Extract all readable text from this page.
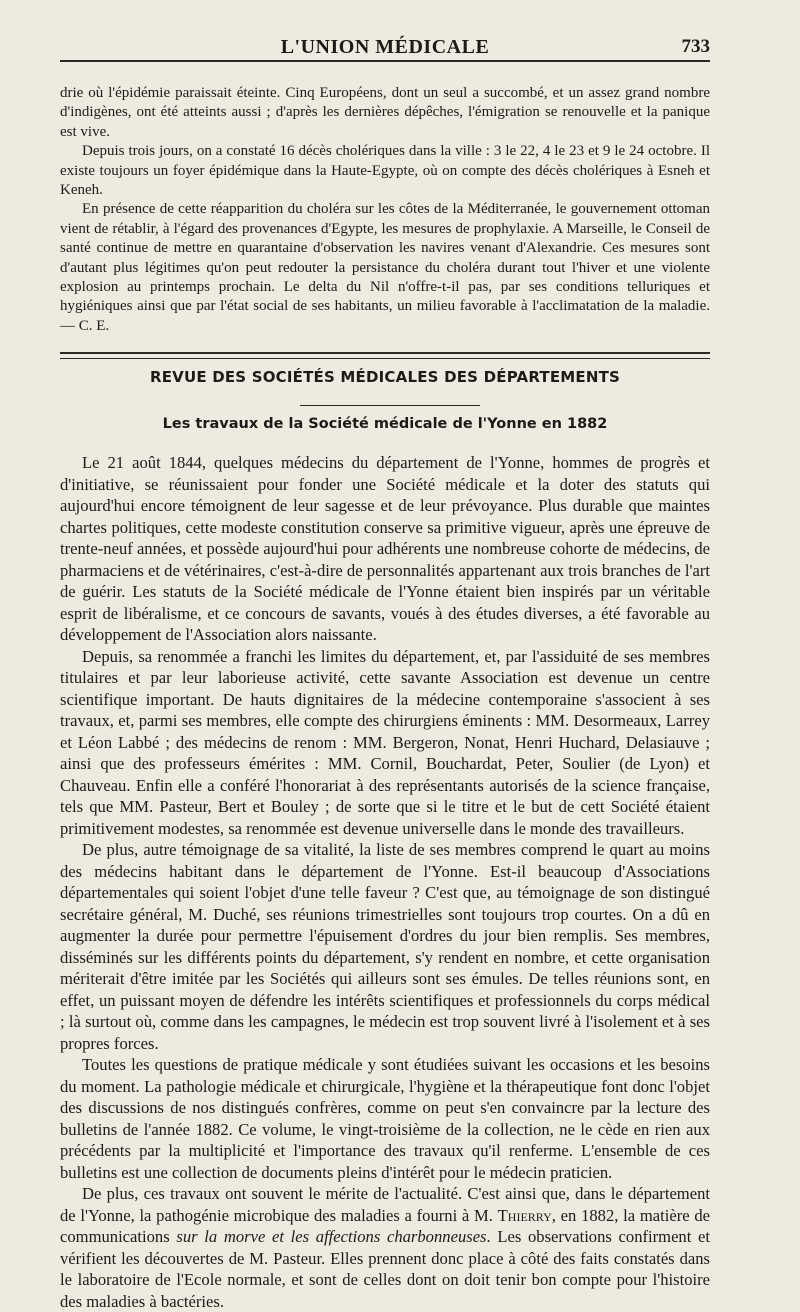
L'UNION MÉDICALE	733

drie où l'épidémie paraissait éteinte. Cinq Européens, dont un seul a succombé, et un assez grand nombre d'indigènes, ont été atteints aussi ; d'après les dernières dépêches, l'émigration se renouvelle et la panique est vive.

Depuis trois jours, on a constaté 16 décès cholériques dans la ville : 3 le 22, 4 le 23 et 9 le 24 octobre. Il existe toujours un foyer épidémique dans la Haute-Egypte, où on compte des décès cholériques à Esneh et Keneh.

En présence de cette réapparition du choléra sur les côtes de la Méditerranée, le gouvernement ottoman vient de rétablir, à l'égard des provenances d'Egypte, les mesures de prophylaxie. A Marseille, le Conseil de santé continue de mettre en quarantaine d'observation les navires venant d'Alexandrie. Ces mesures sont d'autant plus légitimes qu'on peut redouter la persistance du choléra durant tout l'hiver et une violente explosion au printemps prochain. Le delta du Nil n'offre-t-il pas, par ses conditions telluriques et hygiéniques ainsi que par l'état social de ses habitants, un milieu favorable à l'acclimatation de la maladie. — C. E.

REVUE DES SOCIÉTÉS MÉDICALES DES DÉPARTEMENTS
Les travaux de la Société médicale de l'Yonne en 1882

Le 21 août 1844, quelques médecins du département de l'Yonne, hommes de progrès et d'initiative, se réunissaient pour fonder une Société médicale et la doter des statuts qui aujourd'hui encore témoignent de leur sagesse et de leur prévoyance. Plus durable que maintes chartes politiques, cette modeste constitution conserve sa primitive vigueur, après une épreuve de trente-neuf années, et possède aujourd'hui pour adhérents une nombreuse cohorte de médecins, de pharmaciens et de vétérinaires, c'est-à-dire de personnalités appartenant aux trois branches de l'art de guérir. Les statuts de la Société médicale de l'Yonne étaient bien inspirés par un véritable esprit de libéralisme, et ce concours de savants, voués à des études diverses, a été favorable au développement de l'Association alors naissante.

Depuis, sa renommée a franchi les limites du département, et, par l'assiduité de ses membres titulaires et par leur laborieuse activité, cette savante Association est devenue un centre scientifique important. De hauts dignitaires de la médecine contemporaine s'associent à ses travaux, et, parmi ses membres, elle compte des chirurgiens éminents : MM. Desormeaux, Larrey et Léon Labbé ; des médecins de renom : MM. Bergeron, Nonat, Henri Huchard, Delasiauve ; ainsi que des professeurs émérites : MM. Cornil, Bouchardat, Peter, Soulier (de Lyon) et Chauveau. Enfin elle a conféré l'honorariat à des représentants autorisés de la science française, tels que MM. Pasteur, Bert et Bouley ; de sorte que si le titre et le but de cett Société étaient primitivement modestes, sa renommée est devenue universelle dans le monde des travailleurs.

De plus, autre témoignage de sa vitalité, la liste de ses membres comprend le quart au moins des médecins habitant dans le département de l'Yonne. Est-il beaucoup d'Associations départementales qui soient l'objet d'une telle faveur ? C'est que, au témoignage de son distingué secrétaire général, M. Duché, ses réunions trimestrielles sont toujours trop courtes. On a dû en augmenter la durée pour permettre l'épuisement d'ordres du jour bien remplis. Ses membres, disséminés sur les différents points du département, s'y rendent en nombre, et cette organisation mériterait d'être imitée par les Sociétés qui ailleurs sont ses émules. De telles réunions sont, en effet, un puissant moyen de défendre les intérêts scientifiques et professionnels du corps médical ; là surtout où, comme dans les campagnes, le médecin est trop souvent livré à l'isolement et à ses propres forces.

Toutes les questions de pratique médicale y sont étudiées suivant les occasions et les besoins du moment. La pathologie médicale et chirurgicale, l'hygiène et la thérapeutique font donc l'objet des discussions de nos distingués confrères, comme on peut s'en convaincre par la lecture des bulletins de l'année 1882. Ce volume, le vingt-troisième de la collection, ne le cède en rien aux précédents par la multiplicité et l'importance des travaux qu'il renferme. L'ensemble de ces bulletins est une collection de documents pleins d'intérêt pour le médecin praticien.

De plus, ces travaux ont souvent le mérite de l'actualité. C'est ainsi que, dans le département de l'Yonne, la pathogénie microbique des maladies a fourni à M. Thierry, en 1882, la matière de communications sur la morve et les affections charbonneuses. Les observations confirment et vérifient les découvertes de M. Pasteur. Elles prennent donc place à côté des faits constatés dans le laboratoire de l'Ecole normale, et sont de celles dont on doit tenir bon compte pour l'histoire des maladies à bactéries.
